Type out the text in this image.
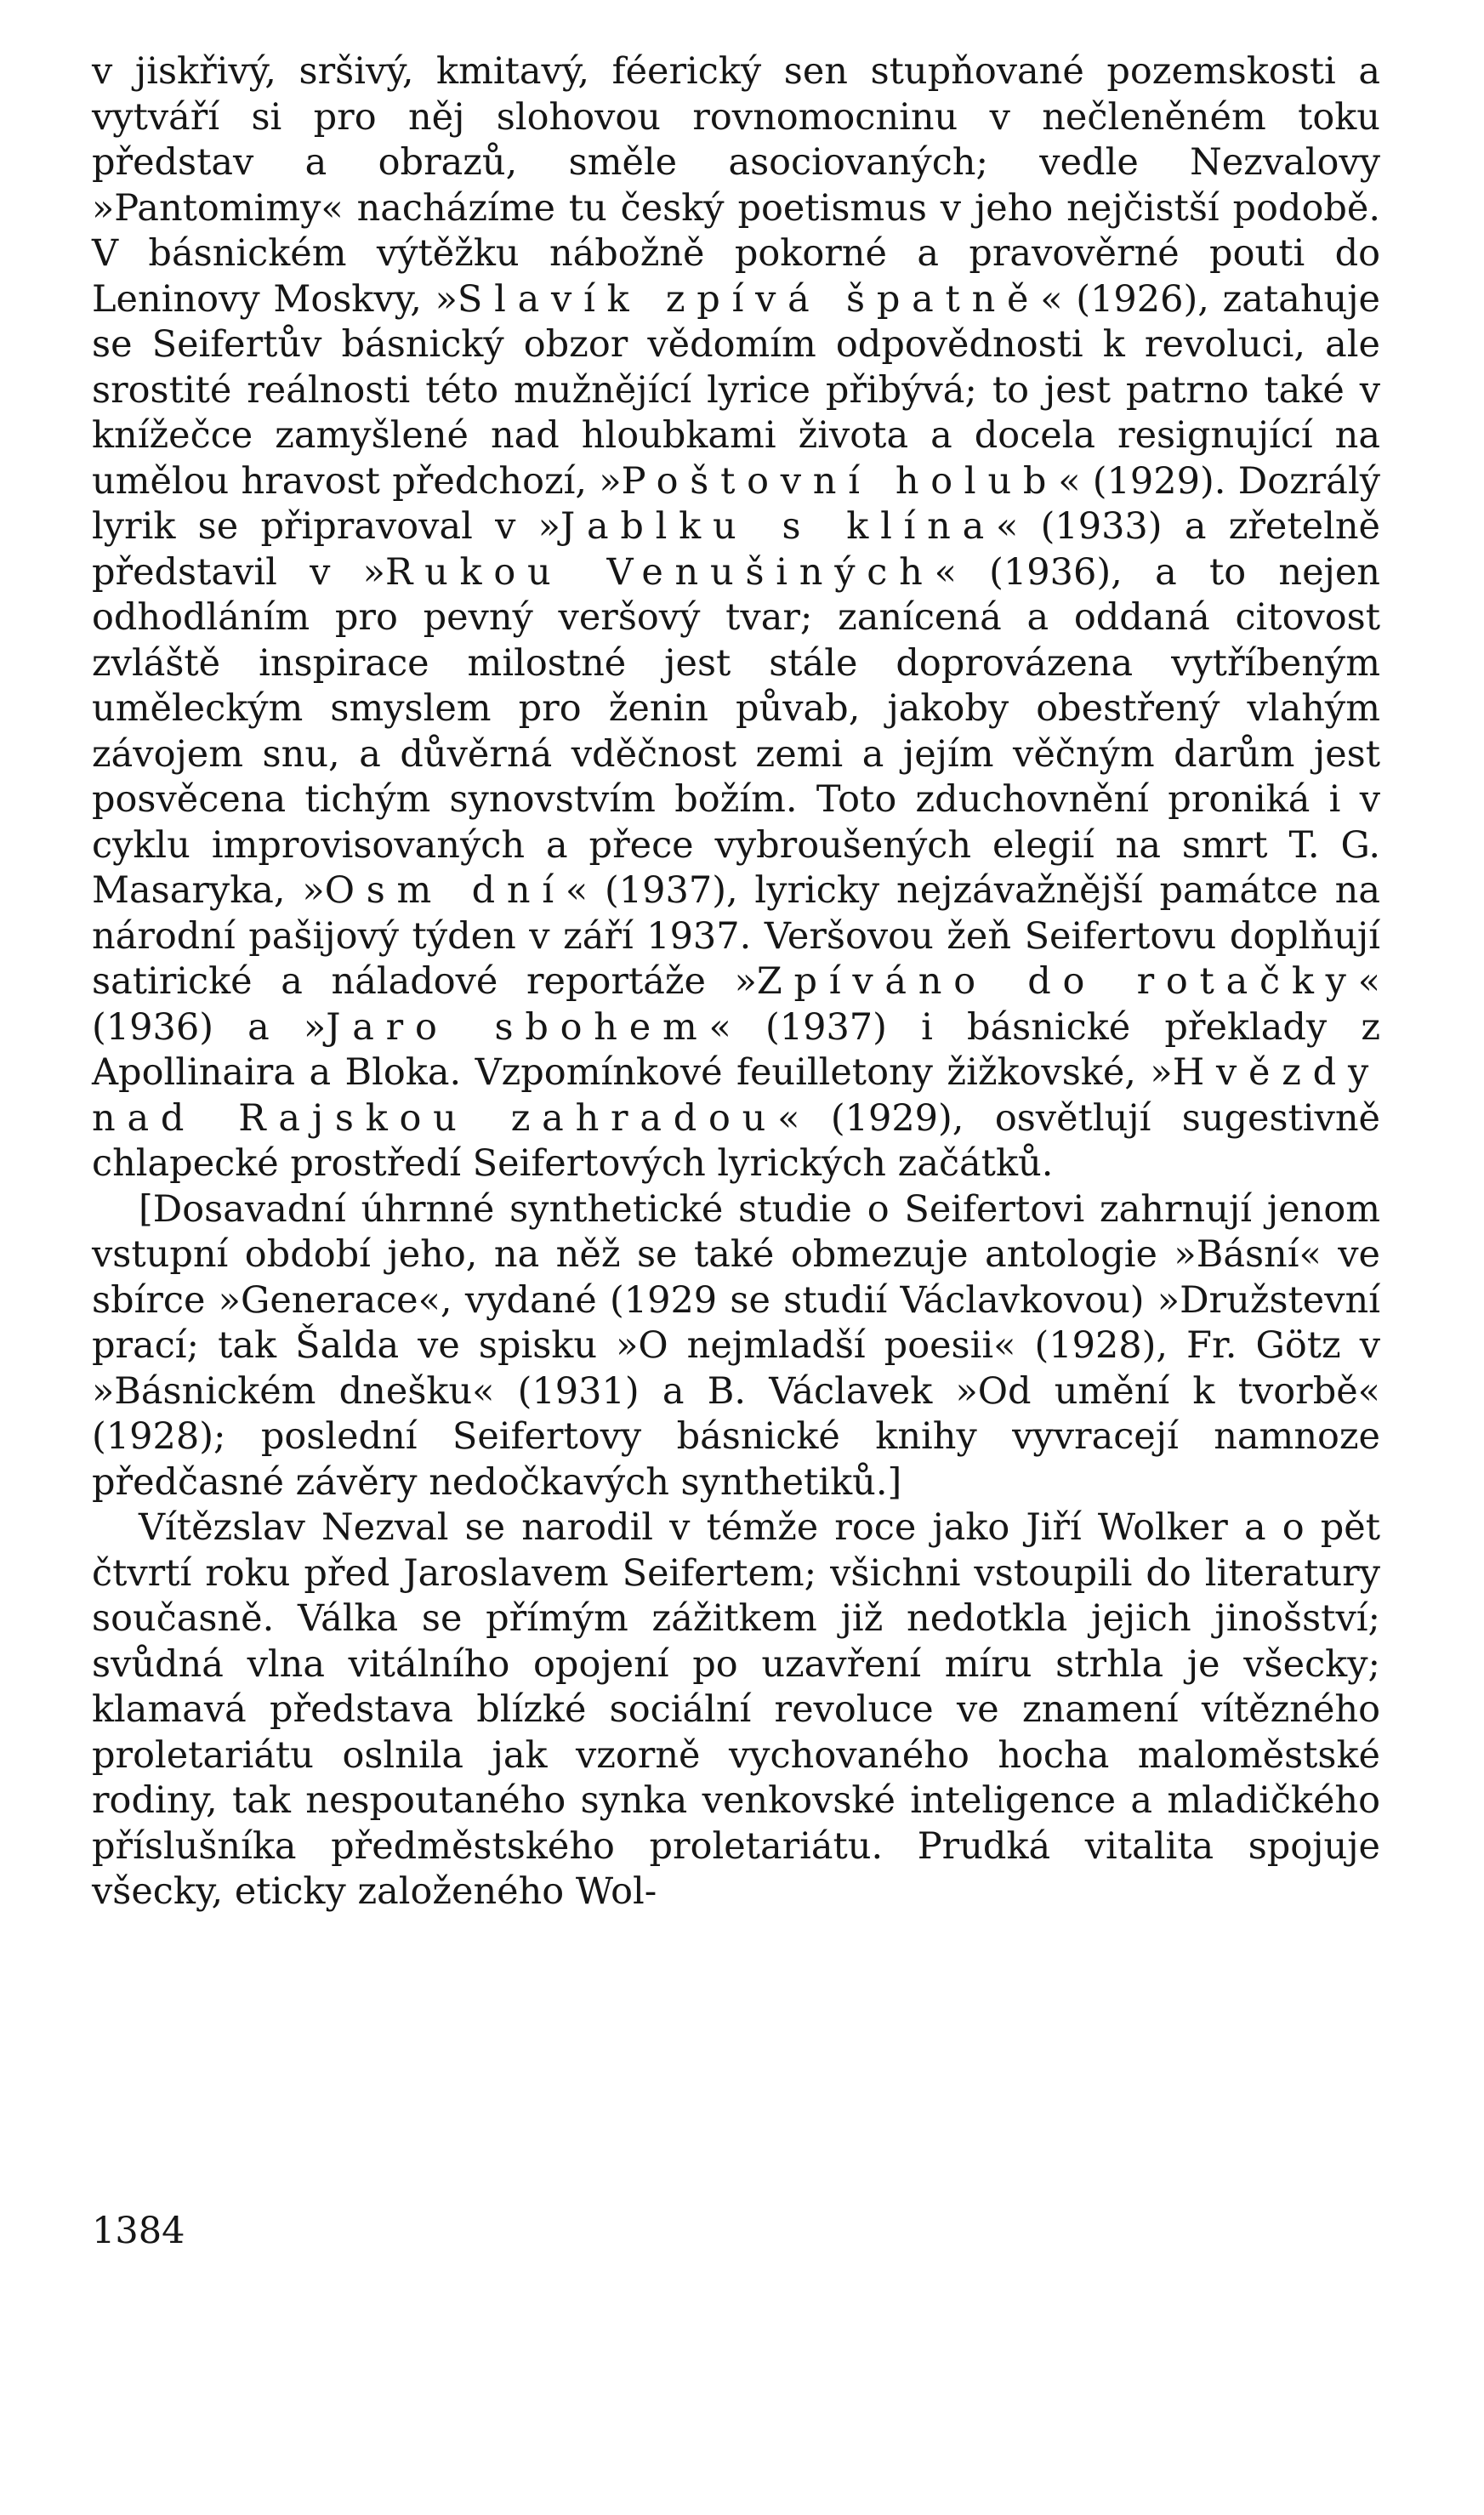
v jiskřivý, sršivý, kmitavý, féerický sen stupňované pozemskosti a vytváří si pro něj slohovou rovnomocninu v nečleněném toku představ a obrazů, směle asociovaných; vedle Nezvalovy »Pantomimy« nacházíme tu český poetismus v jeho nejčistší podobě. V básnickém výtěžku nábožně pokorné a pravověrné pouti do Leninovy Moskvy, »Slavík zpívá špatně« (1926), zatahuje se Seifertův básnický obzor vědomím odpovědnosti k revoluci, ale srostité reálnosti této mužnějící lyrice přibývá; to jest patrno také v knížečce zamyšlené nad hloubkami života a docela resignující na umělou hravost předchozí, »Poštovní holub« (1929). Dozrálý lyrik se připravoval v »Jablku s klína« (1933) a zřetelně představil v »Rukou Venušiných« (1936), a to nejen odhodláním pro pevný veršový tvar; zanícená a oddaná citovost zvláště inspirace milostné jest stále doprovázena vytříbeným uměleckým smyslem pro ženin půvab, jakoby obestřený vlahým závojem snu, a důvěrná vděčnost zemi a jejím věčným darům jest posvěcena tichým synovstvím božím. Toto zduchovnění proniká i v cyklu improvisovaných a přece vybroušených elegií na smrt T. G. Masaryka, »Osm dní« (1937), lyricky nejzávažnější památce na národní pašijový týden v září 1937. Veršovou žeň Seifertovu doplňují satirické a náladové reportáže »Zpíváno do rotačky« (1936) a »Jaro sbohem« (1937) i básnické překlady z Apollinaira a Bloka. Vzpomínkové feuilletony žižkovské, »Hvězdy nad Rajskou zahradou« (1929), osvětlují sugestivně chlapecké prostředí Seifertových lyrických začátků.

[Dosavadní úhrnné synthetické studie o Seifertovi zahrnují jenom vstupní období jeho, na něž se také obmezuje antologie »Básní« ve sbírce »Generace«, vydané (1929 se studií Václavkovou) »Družstevní prací; tak Šalda ve spisku »O nejmladší poesii« (1928), Fr. Götz v »Básnickém dnešku« (1931) a B. Václavek »Od umění k tvorbě« (1928); poslední Seifertovy básnické knihy vyvracejí namnoze předčasné závěry nedočkavých synthetiků.]

Vítězslav Nezval se narodil v témže roce jako Jiří Wolker a o pět čtvrtí roku před Jaroslavem Seifertem; všichni vstoupili do literatury současně. Válka se přímým zážitkem již nedotkla jejich jinošství; svůdná vlna vitálního opojení po uzavření míru strhla je všecky; klamavá představa blízké sociální revoluce ve znamení vítězného proletariátu oslnila jak vzorně vychovaného hocha maloměstské rodiny, tak nespoutaného synka venkovské inteligence a mladičkého příslušníka předměstského proletariátu. Prudká vitalita spojuje všecky, eticky založeného Wol-

1384
